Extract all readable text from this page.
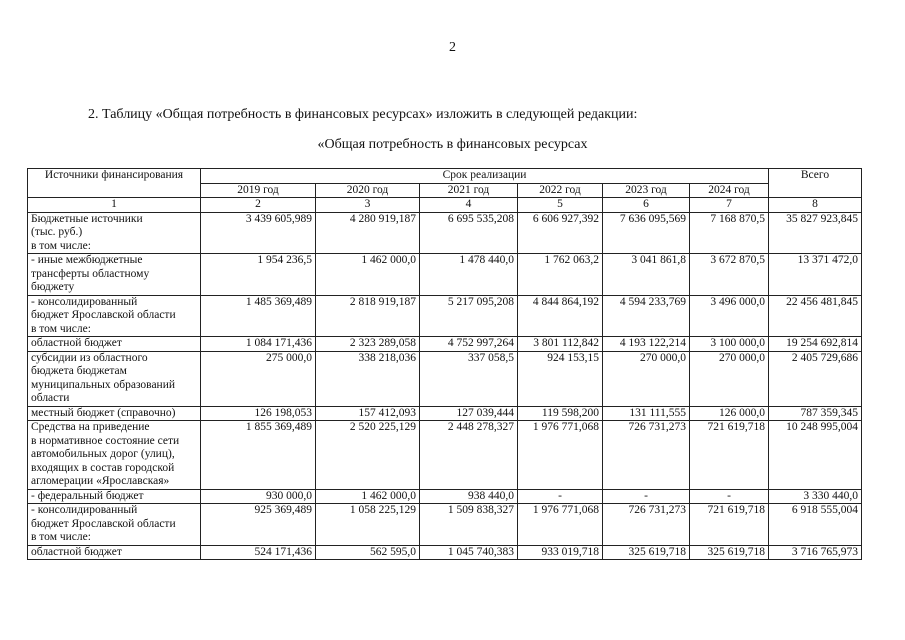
2
2. Таблицу «Общая потребность в финансовых ресурсах» изложить в следующей редакции:
«Общая потребность в финансовых ресурсах
Источники финансирования	Срок реализации						Всего
	2019 год	2020 год	2021 год	2022 год	2023 год	2024 год	
1	2	3	4	5	6	7	8

Бюджетные источники
(тыс. руб.)
в том числе:	3 439 605,989	4 280 919,187	6 695 535,208	6 606 927,392	7 636 095,569	7 168 870,5	35 827 923,845

- иные межбюджетные
трансферты областному
бюджету	1 954 236,5	1 462 000,0	1 478 440,0	1 762 063,2	3 041 861,8	3 672 870,5	13 371 472,0

- консолидированный
бюджет Ярославской области
в том числе:	1 485 369,489	2 818 919,187	5 217 095,208	4 844 864,192	4 594 233,769	3 496 000,0	22 456 481,845

областной бюджет	1 084 171,436	2 323 289,058	4 752 997,264	3 801 112,842	4 193 122,214	3 100 000,0	19 254 692,814

субсидии из областного
бюджета бюджетам
муниципальных образований
области	275 000,0	338 218,036	337 058,5	924 153,15	270 000,0	270 000,0	2 405 729,686

местный бюджет (справочно)	126 198,053	157 412,093	127 039,444	119 598,200	131 111,555	126 000,0	787 359,345

Средства на приведение
в нормативное состояние сети
автомобильных дорог (улиц),
входящих в состав городской
агломерации «Ярославская»	1 855 369,489	2 520 225,129	2 448 278,327	1 976 771,068	726 731,273	721 619,718	10 248 995,004

- федеральный бюджет	930 000,0	1 462 000,0	938 440,0	-	-	-	3 330 440,0

- консолидированный
бюджет Ярославской области
в том числе:	925 369,489	1 058 225,129	1 509 838,327	1 976 771,068	726 731,273	721 619,718	6 918 555,004

областной бюджет	524 171,436	562 595,0	1 045 740,383	933 019,718	325 619,718	325 619,718	3 716 765,973
